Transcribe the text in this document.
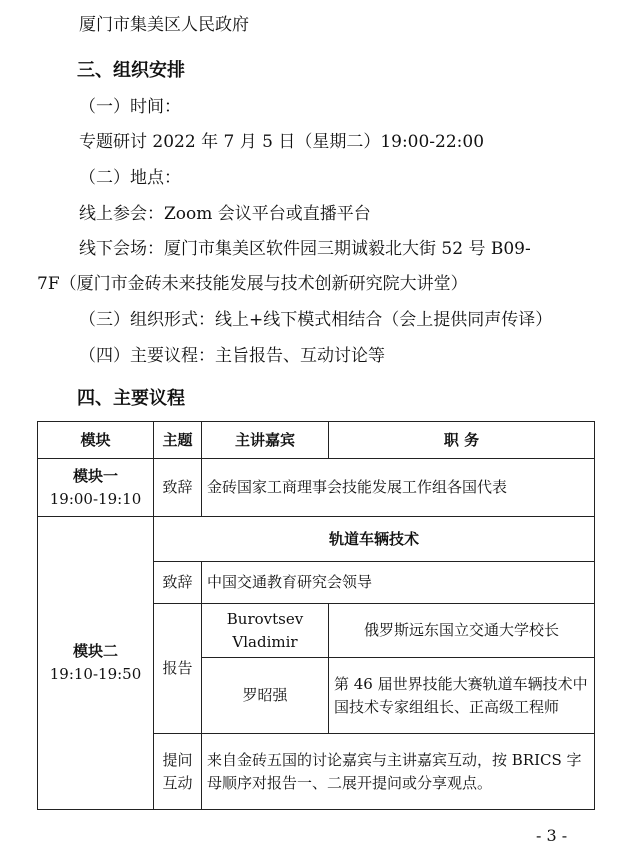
厦门市集美区人民政府
三、组织安排
（一）时间：
专题研讨 2022 年 7 月 5 日（星期二）19:00-22:00
（二）地点：
线上参会：Zoom 会议平台或直播平台
线下会场：厦门市集美区软件园三期诚毅北大街 52 号 B09-
7F（厦门市金砖未来技能发展与技术创新研究院大讲堂）
（三）组织形式：线上+线下模式相结合（会上提供同声传译）
（四）主要议程：主旨报告、互动讨论等
四、主要议程
模块	主题	主讲嘉宾	职 务

模块一
19:00-19:10	致辞	金砖国家工商理事会技能发展工作组各国代表	

模块二
19:10-19:50	轨道车辆技术		
	致辞	中国交通教育研究会领导	
	报告	Burovtsev
Vladimir	俄罗斯远东国立交通大学校长
		罗昭强	第 46 届世界技能大赛轨道车辆技术中国技术专家组组长、正高级工程师

	提问
互动	来自金砖五国的讨论嘉宾与主讲嘉宾互动，按 BRICS 字母顺序对报告一、二展开提问或分享观点。	
- 3 -
